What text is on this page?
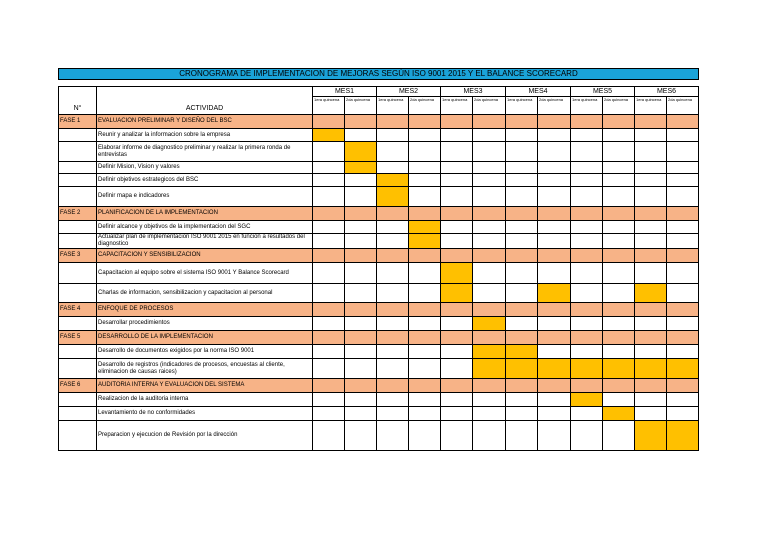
CRONOGRAMA DE IMPLEMENTACION DE MEJORAS SEGÚN ISO 9001 2015 Y EL BALANCE SCORECARD
N°	ACTIVIDAD	MES1		MES2		MES3		MES4		MES5		MES6	
		1era quincena	2da quincena	1era quincena	2da quincena	1era quincena	2da quincena	1era quincena	2da quincena	1era quincena	2da quincena	1era quincena	2da quincena
FASE 1	EVALUACION PRELIMINAR Y DISEÑO DEL BSC												
	Reunir y analizar la informacion sobre la empresa												
	Elaborar informe de diagnostico preliminar y realizar la primera ronda de entrevistas												
	Definir Mision, Vision y valores												
	Definir objetivos estrategicos del BSC												
	Definir mapa e indicadores												
FASE 2	PLANIFICACION DE LA IMPLEMENTACION												
	Definir alcance y objetivos de la implementacion del SGC												
	Actualizar plan de implementacion ISO 9001 2015 en funcion a resultados del diagnostico												
FASE 3	CAPACITACION Y SENSIBILIZACION												
	Capacitacion al equipo sobre el sistema ISO 9001 Y Balance Scorecard												
	Charlas de informacion, sensibilizacion y capacitacion al personal												
FASE 4	ENFOQUE DE PROCESOS												
	Desarrollar procedimientos												
FASE 5	DESARROLLO DE LA IMPLEMENTACION												
	Desarrollo de documentos exigidos por la norma ISO 9001												
	Desarrollo de registros (indicadores de procesos, encuestas al cliente, eliminacion de causas raices)												
FASE 6	AUDITORIA INTERNA Y EVALUACION DEL SISTEMA												
	Realizacion de la auditoria interna												
	Levantamiento de no conformidades												
	Preparacion y ejecucion de Revisión por la dirección												
